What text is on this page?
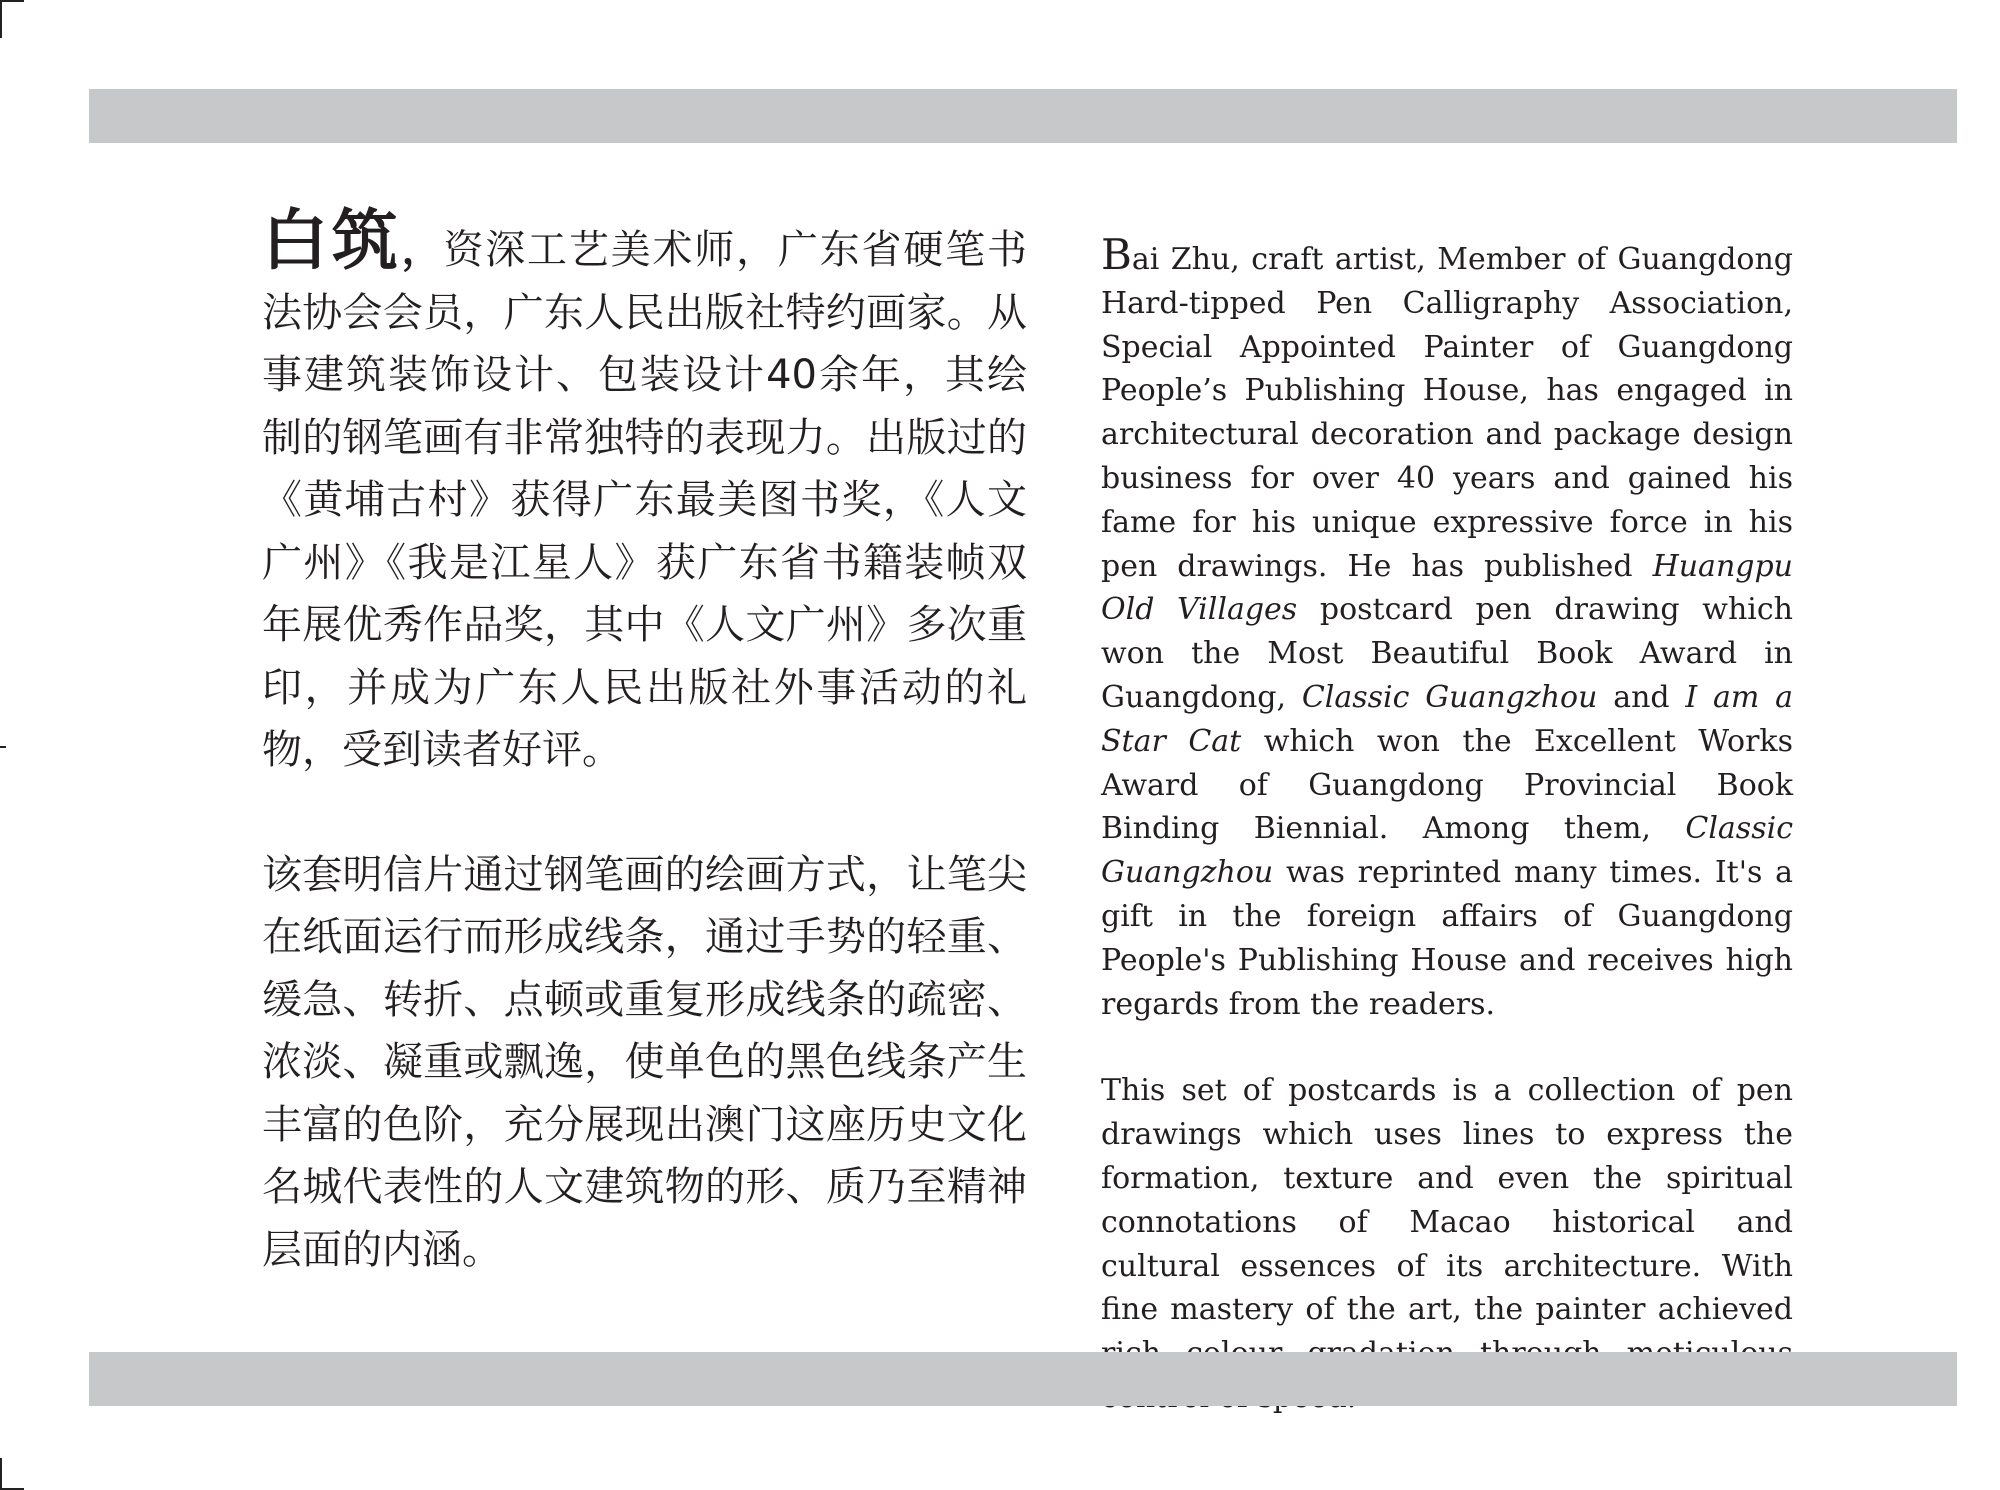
白筑，资深工艺美术师，广东省硬笔书法协会会员，广东人民出版社特约画家。从事建筑装饰设计、包装设计40余年，其绘制的钢笔画有非常独特的表现力。出版过的《黄埔古村》获得广东最美图书奖，《人文广州》《我是江星人》获广东省书籍装帧双年展优秀作品奖，其中《人文广州》多次重印，并成为广东人民出版社外事活动的礼物，受到读者好评。

该套明信片通过钢笔画的绘画方式，让笔尖在纸面运行而形成线条，通过手势的轻重、缓急、转折、点顿或重复形成线条的疏密、浓淡、凝重或飘逸，使单色的黑色线条产生丰富的色阶，充分展现出澳门这座历史文化名城代表性的人文建筑物的形、质乃至精神层面的内涵。

Bai Zhu, craft artist, Member of Guangdong Hard-tipped Pen Calligraphy Association, Special Appointed Painter of Guangdong People’s Publishing House, has engaged in architectural decoration and package design business for over 40 years and gained his fame for his unique expressive force in his pen drawings. He has published Huangpu Old Villages postcard pen drawing which won the Most Beautiful Book Award in Guangdong, Classic Guangzhou and I am a Star Cat which won the Excellent Works Award of Guangdong Provincial Book Binding Biennial. Among them, Classic Guangzhou was reprinted many times. It's a gift in the foreign affairs of Guangdong People's Publishing House and receives high regards from the readers.

This set of postcards is a collection of pen drawings which uses lines to express the formation, texture and even the spiritual connotations of Macao historical and cultural essences of its architecture. With fine mastery of the art, the painter achieved
